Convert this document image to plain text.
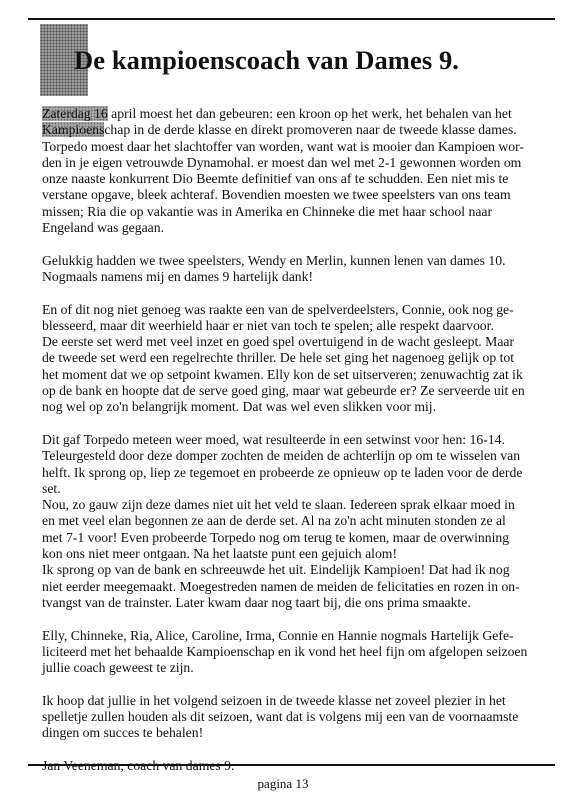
De kampioenscoach van Dames 9.
Zaterdag 16 april moest het dan gebeuren: een kroon op het werk, het behalen van het
Kampioenschap in de derde klasse en direkt promoveren naar de tweede klasse dames.
Torpedo moest daar het slachtoffer van worden, want wat is mooier dan Kampioen wor-
den in je eigen vetrouwde Dynamohal. er moest dan wel met 2-1 gewonnen worden om
onze naaste konkurrent Dio Beemte definitief van ons af te schudden. Een niet mis te
verstane opgave, bleek achteraf. Bovendien moesten we twee speelsters van ons team
missen; Ria die op vakantie was in Amerika en Chinneke die met haar school naar
Engeland was gegaan.
Gelukkig hadden we twee speelsters, Wendy en Merlin, kunnen lenen van dames 10.
Nogmaals namens mij en dames 9 hartelijk dank!
En of dit nog niet genoeg was raakte een van de spelverdeelsters, Connie, ook nog ge-
blesseerd, maar dit weerhield haar er niet van toch te spelen; alle respekt daarvoor.
De eerste set werd met veel inzet en goed spel overtuigend in de wacht gesleept. Maar
de tweede set werd een regelrechte thriller. De hele set ging het nagenoeg gelijk op tot
het moment dat we op setpoint kwamen. Elly kon de set uitserveren; zenuwachtig zat ik
op de bank en hoopte dat de serve goed ging, maar wat gebeurde er? Ze serveerde uit en
nog wel op zo'n belangrijk moment. Dat was wel even slikken voor mij.
Dit gaf Torpedo meteen weer moed, wat resulteerde in een setwinst voor hen: 16-14.
Teleurgesteld door deze domper zochten de meiden de achterlijn op om te wisselen van
helft. Ik sprong op, liep ze tegemoet en probeerde ze opnieuw op te laden voor de derde
set.
Nou, zo gauw zijn deze dames niet uit het veld te slaan. Iedereen sprak elkaar moed in
en met veel elan begonnen ze aan de derde set. Al na zo'n acht minuten stonden ze al
met 7-1 voor! Even probeerde Torpedo nog om terug te komen, maar de overwinning
kon ons niet meer ontgaan. Na het laatste punt een gejuich alom!
Ik sprong op van de bank en schreeuwde het uit. Eindelijk Kampioen! Dat had ik nog
niet eerder meegemaakt. Moegestreden namen de meiden de felicitaties en rozen in on-
tvangst van de trainster. Later kwam daar nog taart bij, die ons prima smaakte.
Elly, Chinneke, Ria, Alice, Caroline, Irma, Connie en Hannie nogmals Hartelijk Gefe-
liciteerd met het behaalde Kampioenschap en ik vond het heel fijn om afgelopen seizoen
jullie coach geweest te zijn.
Ik hoop dat jullie in het volgend seizoen in de tweede klasse net zoveel plezier in het
spelletje zullen houden als dit seizoen, want dat is volgens mij een van de voornaamste
dingen om succes te behalen!
pagina 13
